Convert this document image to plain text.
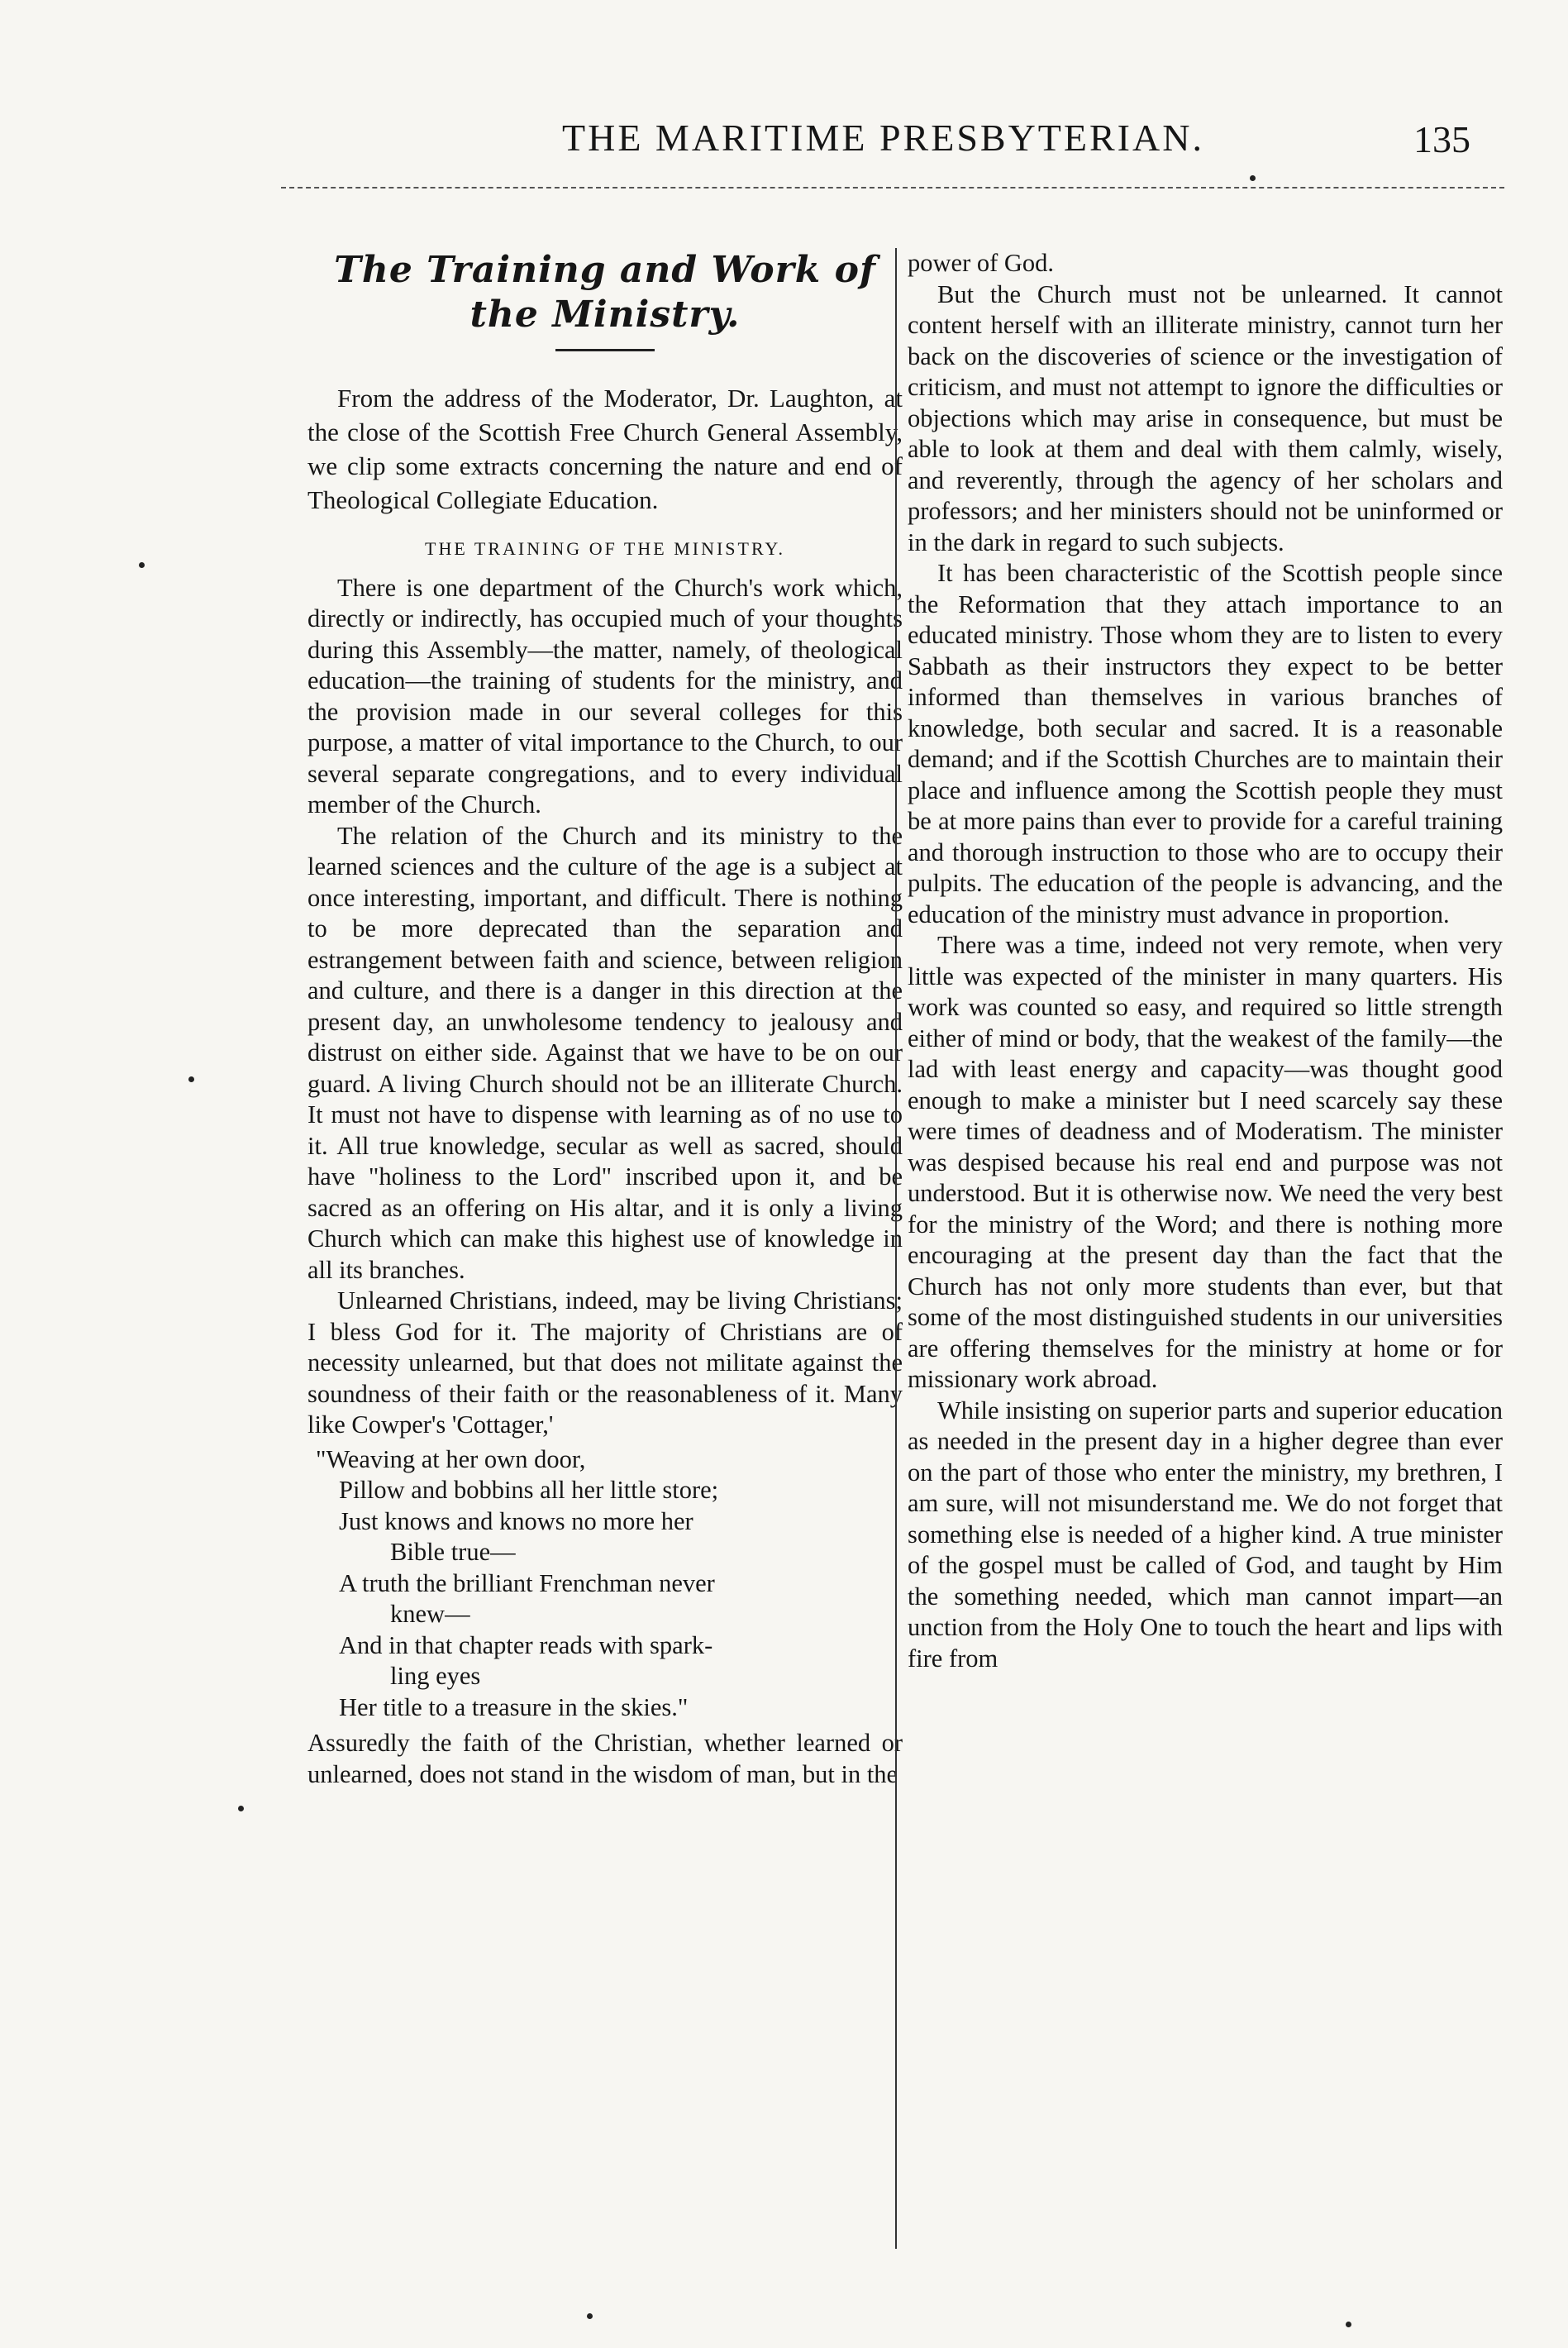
THE MARITIME PRESBYTERIAN.	135
The Training and Work of the Ministry.

From the address of the Moderator, Dr. Laughton, at the close of the Scottish Free Church General Assembly, we clip some extracts concerning the nature and end of Theological Collegiate Education.

THE TRAINING OF THE MINISTRY.

There is one department of the Church's work which, directly or indirectly, has occupied much of your thoughts during this Assembly—the matter, namely, of theological education—the training of students for the ministry, and the provision made in our several colleges for this purpose, a matter of vital importance to the Church, to our several separate congregations, and to every individual member of the Church.

The relation of the Church and its ministry to the learned sciences and the culture of the age is a subject at once interesting, important, and difficult. There is nothing to be more deprecated than the separation and estrangement between faith and science, between religion and culture, and there is a danger in this direction at the present day, an unwholesome tendency to jealousy and distrust on either side. Against that we have to be on our guard. A living Church should not be an illiterate Church. It must not have to dispense with learning as of no use to it. All true knowledge, secular as well as sacred, should have "holiness to the Lord" inscribed upon it, and be sacred as an offering on His altar, and it is only a living Church which can make this highest use of knowledge in all its branches.

Unlearned Christians, indeed, may be living Christians; I bless God for it. The majority of Christians are of necessity unlearned, but that does not militate against the soundness of their faith or the reasonableness of it. Many like Cowper's 'Cottager,'

"Weaving at her own door,
Pillow and bobbins all her little store;
Just knows and knows no more her
Bible true—
A truth the brilliant Frenchman never
knew—
And in that chapter reads with spark-
ling eyes
Her title to a treasure in the skies."

Assuredly the faith of the Christian, whether learned or unlearned, does not stand in the wisdom of man, but in the

power of God.

But the Church must not be unlearned. It cannot content herself with an illiterate ministry, cannot turn her back on the discoveries of science or the investigation of criticism, and must not attempt to ignore the difficulties or objections which may arise in consequence, but must be able to look at them and deal with them calmly, wisely, and reverently, through the agency of her scholars and professors; and her ministers should not be uninformed or in the dark in regard to such subjects.

It has been characteristic of the Scottish people since the Reformation that they attach importance to an educated ministry. Those whom they are to listen to every Sabbath as their instructors they expect to be better informed than themselves in various branches of knowledge, both secular and sacred. It is a reasonable demand; and if the Scottish Churches are to maintain their place and influence among the Scottish people they must be at more pains than ever to provide for a careful training and thorough instruction to those who are to occupy their pulpits. The education of the people is advancing, and the education of the ministry must advance in proportion.

There was a time, indeed not very remote, when very little was expected of the minister in many quarters. His work was counted so easy, and required so little strength either of mind or body, that the weakest of the family—the lad with least energy and capacity—was thought good enough to make a minister but I need scarcely say these were times of deadness and of Moderatism. The minister was despised because his real end and purpose was not understood. But it is otherwise now. We need the very best for the ministry of the Word; and there is nothing more encouraging at the present day than the fact that the Church has not only more students than ever, but that some of the most distinguished students in our universities are offering themselves for the ministry at home or for missionary work abroad.

While insisting on superior parts and superior education as needed in the present day in a higher degree than ever on the part of those who enter the ministry, my brethren, I am sure, will not misunderstand me. We do not forget that something else is needed of a higher kind. A true minister of the gospel must be called of God, and taught by Him the something needed, which man cannot impart—an unction from the Holy One to touch the heart and lips with fire from
